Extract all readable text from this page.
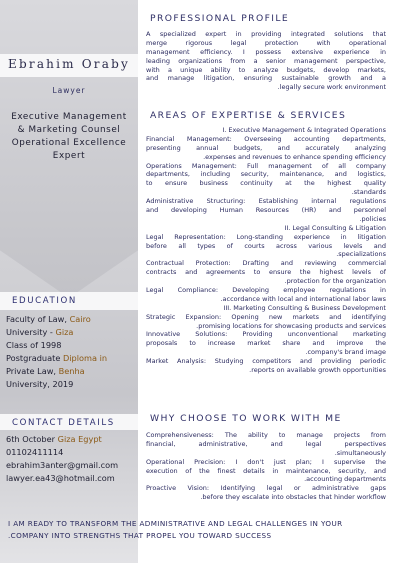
Ebrahim Oraby
Lawyer
Executive Management
& Marketing Counsel
Operational Excellence
Expert
EDUCATION
Faculty of Law, Cairo
University - Giza
Class of 1998
Postgraduate Diploma in
Private Law, Benha
University, 2019
CONTACT DETAILS
6th October Giza Egypt
01102411114
ebrahim3anter@gmail.com
lawyer.ea43@hotmail.com
PROFESSIONAL PROFILE
A specialized expert in providing integrated solutions that
merge rigorous legal protection with operational
management efficiency. I possess extensive experience in
leading organizations from a senior management perspective,
with a unique ability to analyze budgets, develop markets,
and manage litigation, ensuring sustainable growth and a
.legally secure work environment
AREAS OF EXPERTISE & SERVICES
I. Executive Management & Integrated Operations
Financial Management: Overseeing accounting departments,
presenting annual budgets, and accurately analyzing
.expenses and revenues to enhance spending efficiency
Operations Management: Full management of all company
departments, including security, maintenance, and logistics,
to ensure business continuity at the highest quality
.standards
Administrative Structuring: Establishing internal regulations
and developing Human Resources (HR) and personnel
.policies
II. Legal Consulting & Litigation
Legal Representation: Long-standing experience in litigation
before all types of courts across various levels and
.specializations
Contractual Protection: Drafting and reviewing commercial
contracts and agreements to ensure the highest levels of
.protection for the organization
Legal Compliance: Developing employee regulations in
.accordance with local and international labor laws
III. Marketing Consulting & Business Development
Strategic Expansion: Opening new markets and identifying
.promising locations for showcasing products and services
Innovative Solutions: Providing unconventional marketing
proposals to increase market share and improve the
.company's brand image
Market Analysis: Studying competitors and providing periodic
.reports on available growth opportunities
WHY CHOOSE TO WORK WITH ME
Comprehensiveness: The ability to manage projects from
financial, administrative, and legal perspectives
.simultaneously
Operational Precision: I don't just plan; I supervise the
execution of the finest details in maintenance, security, and
.accounting departments
Proactive Vision: Identifying legal or administrative gaps
.before they escalate into obstacles that hinder workflow
I AM READY TO TRANSFORM THE ADMINISTRATIVE AND LEGAL CHALLENGES IN YOUR
.COMPANY INTO STRENGTHS THAT PROPEL YOU TOWARD SUCCESS
